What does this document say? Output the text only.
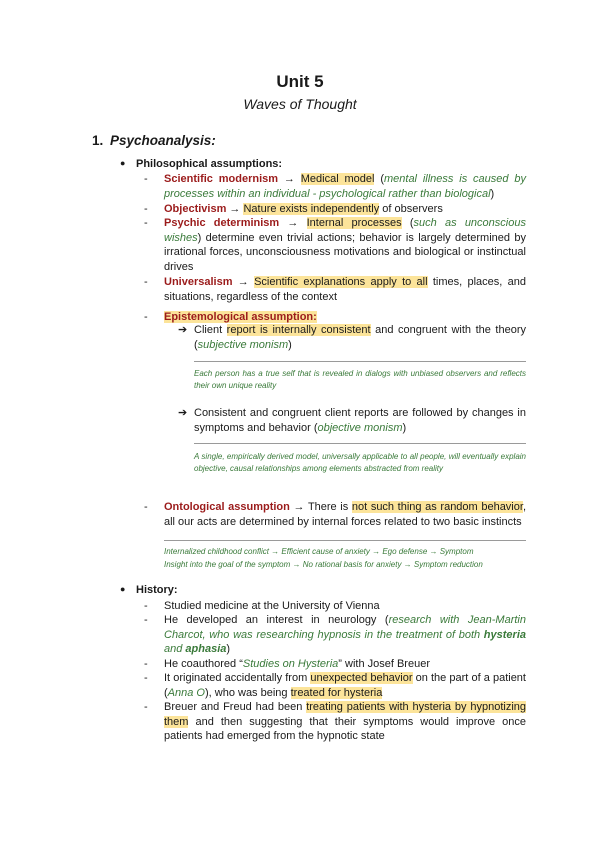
Unit 5
Waves of Thought
1. Psychoanalysis:
● Philosophical assumptions:
- Scientific modernism → Medical model (mental illness is caused by processes within an individual - psychological rather than biological)
- Objectivism → Nature exists independently of observers
- Psychic determinism → Internal processes (such as unconscious wishes) determine even trivial actions; behavior is largely determined by irrational forces, unconsciousness motivations and biological or instinctual drives
- Universalism → Scientific explanations apply to all times, places, and situations, regardless of the context
- Epistemological assumption:
➔ Client report is internally consistent and congruent with the theory (subjective monism)
Each person has a true self that is revealed in dialogs with unbiased observers and reflects their own unique reality
➔ Consistent and congruent client reports are followed by changes in symptoms and behavior (objective monism)
A single, empirically derived model, universally applicable to all people, will eventually explain objective, causal relationships among elements abstracted from reality
- Ontological assumption → There is not such thing as random behavior, all our acts are determined by internal forces related to two basic instincts
Internalized childhood conflict → Efficient cause of anxiety → Ego defense → Symptom
Insight into the goal of the symptom → No rational basis for anxiety → Symptom reduction
● History:
- Studied medicine at the University of Vienna
- He developed an interest in neurology (research with Jean-Martin Charcot, who was researching hypnosis in the treatment of both hysteria and aphasia)
- He coauthored “Studies on Hysteria” with Josef Breuer
- It originated accidentally from unexpected behavior on the part of a patient (Anna O), who was being treated for hysteria
- Breuer and Freud had been treating patients with hysteria by hypnotizing them and then suggesting that their symptoms would improve once patients had emerged from the hypnotic state
